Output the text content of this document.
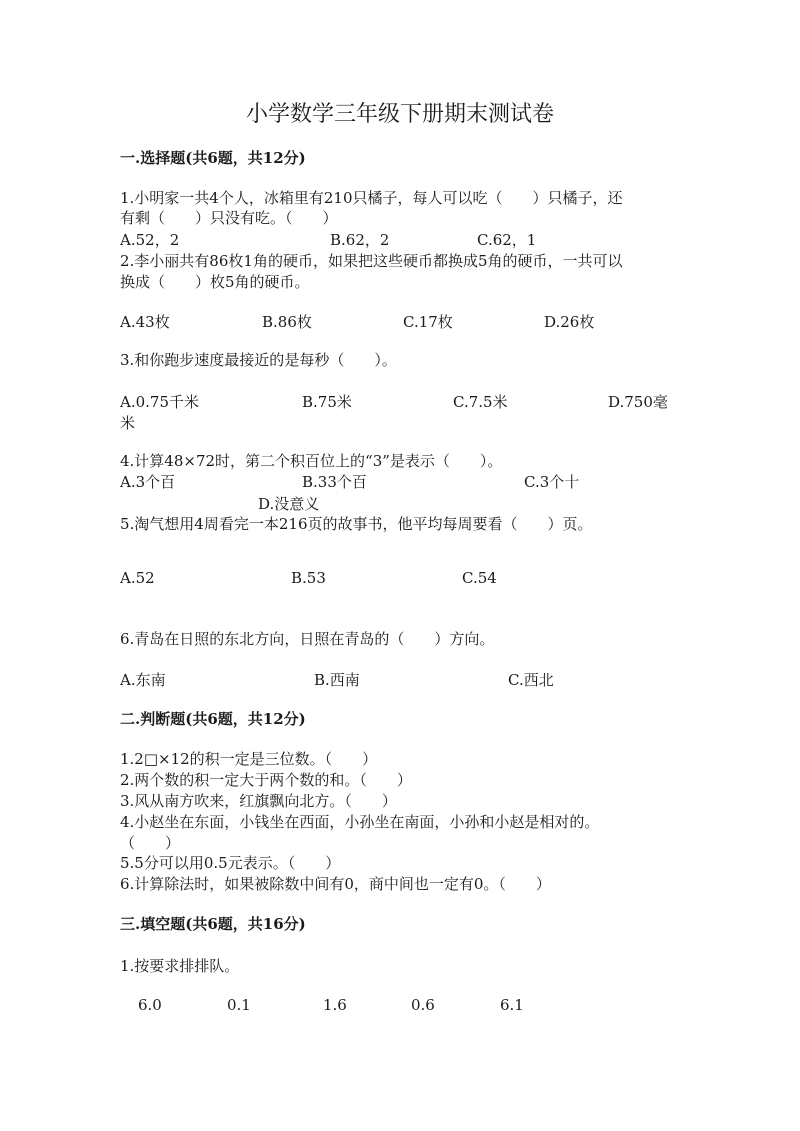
小学数学三年级下册期末测试卷
一.选择题(共6题，共12分)
1.小明家一共4个人，冰箱里有210只橘子，每人可以吃（　　）只橘子，还
有剩（　　）只没有吃。（　　）
A.52，2	B.62，2	C.62，1
2.李小丽共有86枚1角的硬币，如果把这些硬币都换成5角的硬币，一共可以
换成（　　）枚5角的硬币。
A.43枚	B.86枚	C.17枚	D.26枚
3.和你跑步速度最接近的是每秒（　　）。
A.0.75千米	B.75米	C.7.5米	D.750毫
米
4.计算48×72时，第二个积百位上的“3”是表示（　　）。
A.3个百	B.33个百	C.3个十
D.没意义
5.淘气想用4周看完一本216页的故事书，他平均每周要看（　　）页。
A.52	B.53	C.54
6.青岛在日照的东北方向，日照在青岛的（　　）方向。
A.东南	B.西南	C.西北
二.判断题(共6题，共12分)
1.2□×12的积一定是三位数。（　　）
2.两个数的积一定大于两个数的和。（　　）
3.风从南方吹来，红旗飘向北方。（　　）
4.小赵坐在东面，小钱坐在西面，小孙坐在南面，小孙和小赵是相对的。
（　　）
5.5分可以用0.5元表示。（　　）
6.计算除法时，如果被除数中间有0，商中间也一定有0。（　　）
三.填空题(共6题，共16分)
1.按要求排排队。
6.0	0.1	1.6	0.6	6.1
